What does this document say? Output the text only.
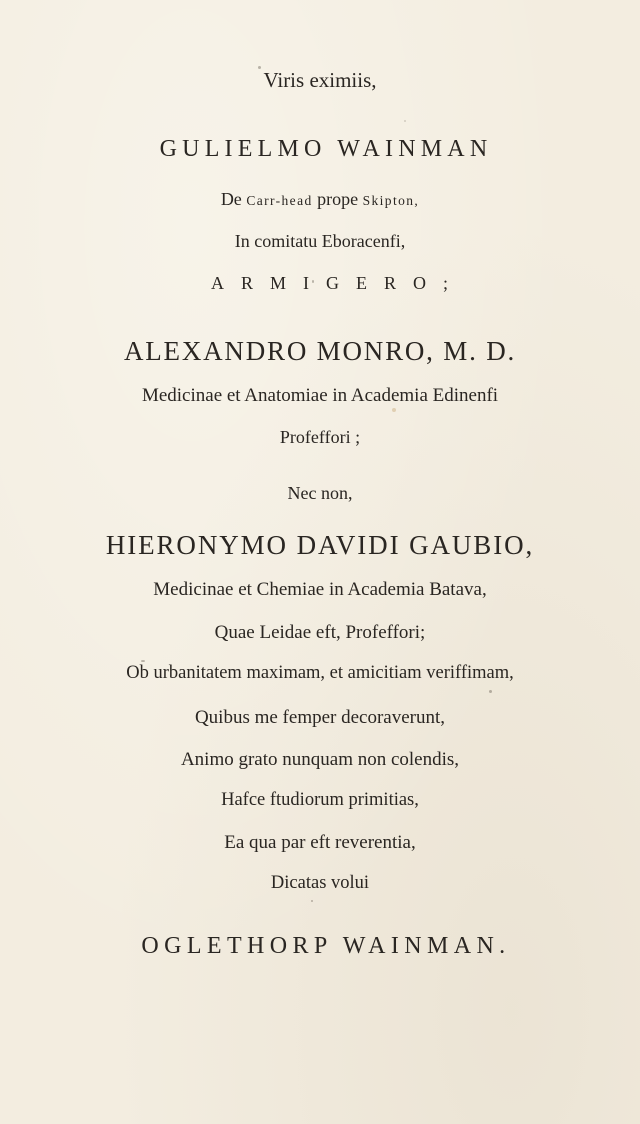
Viris eximiis,
GULIELMO WAINMAN
De Carr-head prope Skipton,
In comitatu Eboracenfi,
ARMIGERO;
ALEXANDRO MONRO, M. D.
Medicinae et Anatomiae in Academia Edinenfi
Profeffori ;
Nec non,
HIERONYMO DAVIDI GAUBIO,
Medicinae et Chemiae in Academia Batava,
Quae Leidae eft, Profeffori;
Ob urbanitatem maximam, et amicitiam veriffimam,
Quibus me femper decoraverunt,
Animo grato nunquam non colendis,
Hafce ftudiorum primitias,
Ea qua par eft reverentia,
Dicatas volui
OGLETHORP WAINMAN.
